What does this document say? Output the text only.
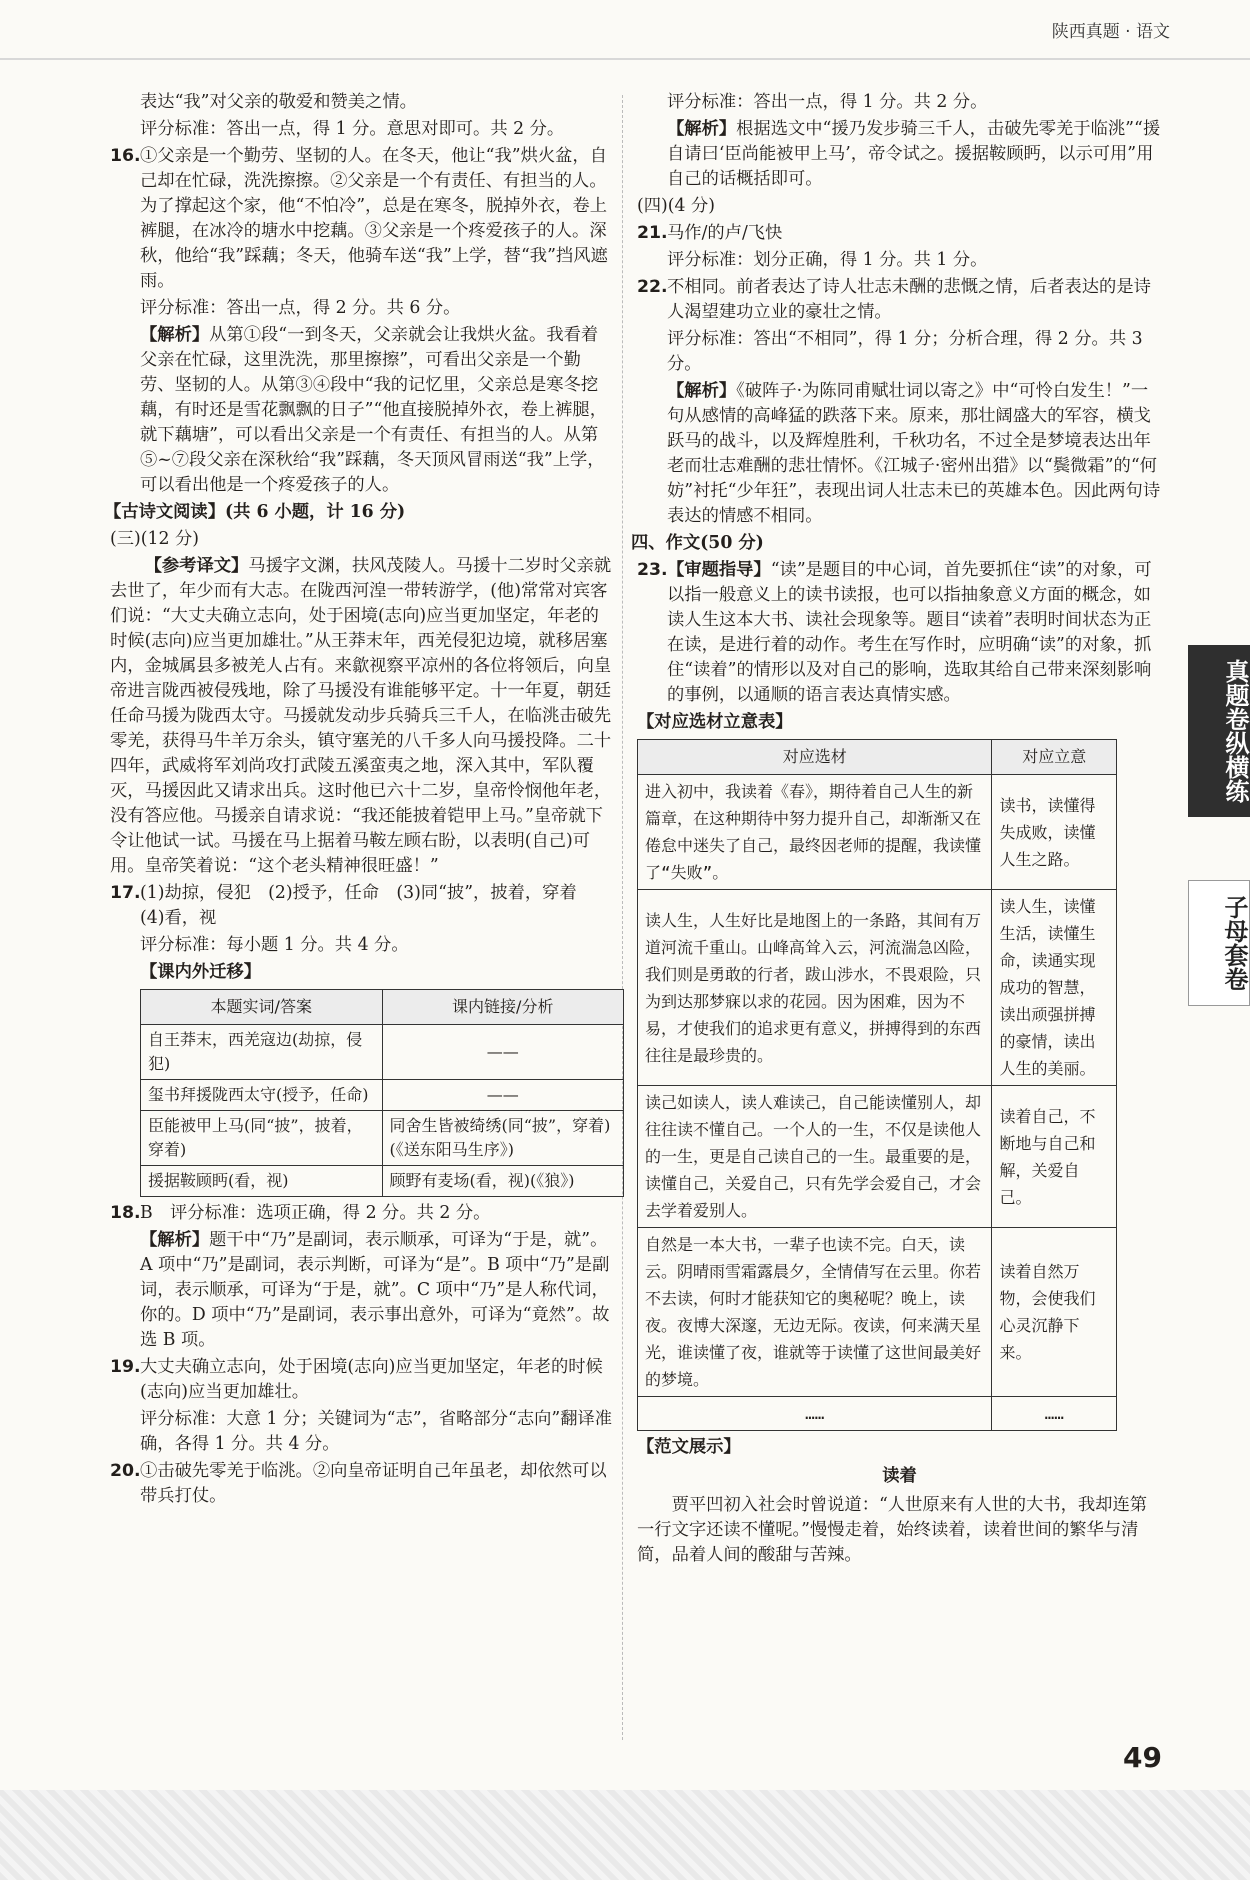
陕西真题 · 语文

表达“我”对父亲的敬爱和赞美之情。

评分标准：答出一点，得 1 分。意思对即可。共 2 分。

16. ①父亲是一个勤劳、坚韧的人。在冬天，他让“我”烘火盆，自己却在忙碌，洗洗擦擦。②父亲是一个有责任、有担当的人。为了撑起这个家，他“不怕冷”，总是在寒冬，脱掉外衣，卷上裤腿，在冰冷的塘水中挖藕。③父亲是一个疼爱孩子的人。深秋，他给“我”踩藕；冬天，他骑车送“我”上学，替“我”挡风遮雨。

评分标准：答出一点，得 2 分。共 6 分。

【解析】从第①段“一到冬天，父亲就会让我烘火盆。我看着父亲在忙碌，这里洗洗，那里擦擦”，可看出父亲是一个勤劳、坚韧的人。从第③④段中“我的记忆里，父亲总是寒冬挖藕，有时还是雪花飘飘的日子”“他直接脱掉外衣，卷上裤腿，就下藕塘”，可以看出父亲是一个有责任、有担当的人。从第⑤~⑦段父亲在深秋给“我”踩藕，冬天顶风冒雨送“我”上学，可以看出他是一个疼爱孩子的人。

【古诗文阅读】(共 6 小题，计 16 分)

(三)(12 分)

【参考译文】马援字文渊，扶风茂陵人。马援十二岁时父亲就去世了，年少而有大志。在陇西河湟一带转游学，(他)常常对宾客们说：“大丈夫确立志向，处于困境(志向)应当更加坚定，年老的时候(志向)应当更加雄壮。”从王莽末年，西羌侵犯边境，就移居塞内，金城属县多被羌人占有。来歙视察平凉州的各位将领后，向皇帝进言陇西被侵残地，除了马援没有谁能够平定。十一年夏，朝廷任命马援为陇西太守。马援就发动步兵骑兵三千人，在临洮击破先零羌，获得马牛羊万余头，镇守塞羌的八千多人向马援投降。二十四年，武威将军刘尚攻打武陵五溪蛮夷之地，深入其中，军队覆灭，马援因此又请求出兵。这时他已六十二岁，皇帝怜悯他年老，没有答应他。马援亲自请求说：“我还能披着铠甲上马。”皇帝就下令让他试一试。马援在马上据着马鞍左顾右盼，以表明(自己)可用。皇帝笑着说：“这个老头精神很旺盛！”

17. (1)劫掠，侵犯　(2)授予，任命　(3)同“披”，披着，穿着　(4)看，视

评分标准：每小题 1 分。共 4 分。

【课内外迁移】

本题实词/答案	课内链接/分析
自王莽末，西羌寇边(劫掠，侵犯)	——
玺书拜援陇西太守(授予，任命)	——
臣能被甲上马(同“披”，披着，穿着)	同舍生皆被绮绣(同“披”，穿着)(《送东阳马生序》)
援据鞍顾眄(看，视)	顾野有麦场(看，视)(《狼》)

18. B　评分标准：选项正确，得 2 分。共 2 分。

【解析】题干中“乃”是副词，表示顺承，可译为“于是，就”。A 项中“乃”是副词，表示判断，可译为“是”。B 项中“乃”是副词，表示顺承，可译为“于是，就”。C 项中“乃”是人称代词，你的。D 项中“乃”是副词，表示事出意外，可译为“竟然”。故选 B 项。

19. 大丈夫确立志向，处于困境(志向)应当更加坚定，年老的时候(志向)应当更加雄壮。

评分标准：大意 1 分；关键词为“志”，省略部分“志向”翻译准确，各得 1 分。共 4 分。

20. ①击破先零羌于临洮。②向皇帝证明自己年虽老，却依然可以带兵打仗。

评分标准：答出一点，得 1 分。共 2 分。

【解析】根据选文中“援乃发步骑三千人，击破先零羌于临洮”“援自请曰‘臣尚能被甲上马’，帝令试之。援据鞍顾眄，以示可用”用自己的话概括即可。

(四)(4 分)

21. 马作/的卢/飞快

评分标准：划分正确，得 1 分。共 1 分。

22. 不相同。前者表达了诗人壮志未酬的悲慨之情，后者表达的是诗人渴望建功立业的豪壮之情。

评分标准：答出“不相同”，得 1 分；分析合理，得 2 分。共 3 分。

【解析】《破阵子·为陈同甫赋壮词以寄之》中“可怜白发生！”一句从感情的高峰猛的跌落下来。原来，那壮阔盛大的军容，横戈跃马的战斗，以及辉煌胜利，千秋功名，不过全是梦境表达出年老而壮志难酬的悲壮情怀。《江城子·密州出猎》以“鬓微霜”的“何妨”衬托“少年狂”，表现出词人壮志未已的英雄本色。因此两句诗表达的情感不相同。

四、作文(50 分)

23. 【审题指导】“读”是题目的中心词，首先要抓住“读”的对象，可以指一般意义上的读书读报，也可以指抽象意义方面的概念，如读人生这本大书、读社会现象等。题目“读着”表明时间状态为正在读，是进行着的动作。考生在写作时，应明确“读”的对象，抓住“读着”的情形以及对自己的影响，选取其给自己带来深刻影响的事例，以通顺的语言表达真情实感。

【对应选材立意表】

对应选材	对应立意
进入初中，我读着《春》，期待着自己人生的新篇章，在这种期待中努力提升自己，却渐渐又在倦怠中迷失了自己，最终因老师的提醒，我读懂了“失败”。	读书，读懂得失成败，读懂人生之路。
读人生，人生好比是地图上的一条路，其间有万道河流千重山。山峰高耸入云，河流湍急凶险，我们则是勇敢的行者，跋山涉水，不畏艰险，只为到达那梦寐以求的花园。因为困难，因为不易，才使我们的追求更有意义，拼搏得到的东西往往是最珍贵的。	读人生，读懂生活，读懂生命，读通实现成功的智慧，读出顽强拼搏的豪情，读出人生的美丽。
读己如读人，读人难读己，自己能读懂别人，却往往读不懂自己。一个人的一生，不仅是读他人的一生，更是自己读自己的一生。最重要的是，读懂自己，关爱自己，只有先学会爱自己，才会去学着爱别人。	读着自己，不断地与自己和解，关爱自己。
自然是一本大书，一辈子也读不完。白天，读云。阴晴雨雪霜露晨夕，全情倩写在云里。你若不去读，何时才能获知它的奥秘呢？晚上，读夜。夜博大深邃，无边无际。夜读，何来满天星光，谁读懂了夜，谁就等于读懂了这世间最美好的梦境。	读着自然万物，会使我们心灵沉静下来。
……	……

【范文展示】

读着

贾平凹初入社会时曾说道：“人世原来有人世的大书，我却连第一行文字还读不懂呢。”慢慢走着，始终读着，读着世间的繁华与清简，品着人间的酸甜与苦辣。

真题卷纵横练
子母套卷
49
